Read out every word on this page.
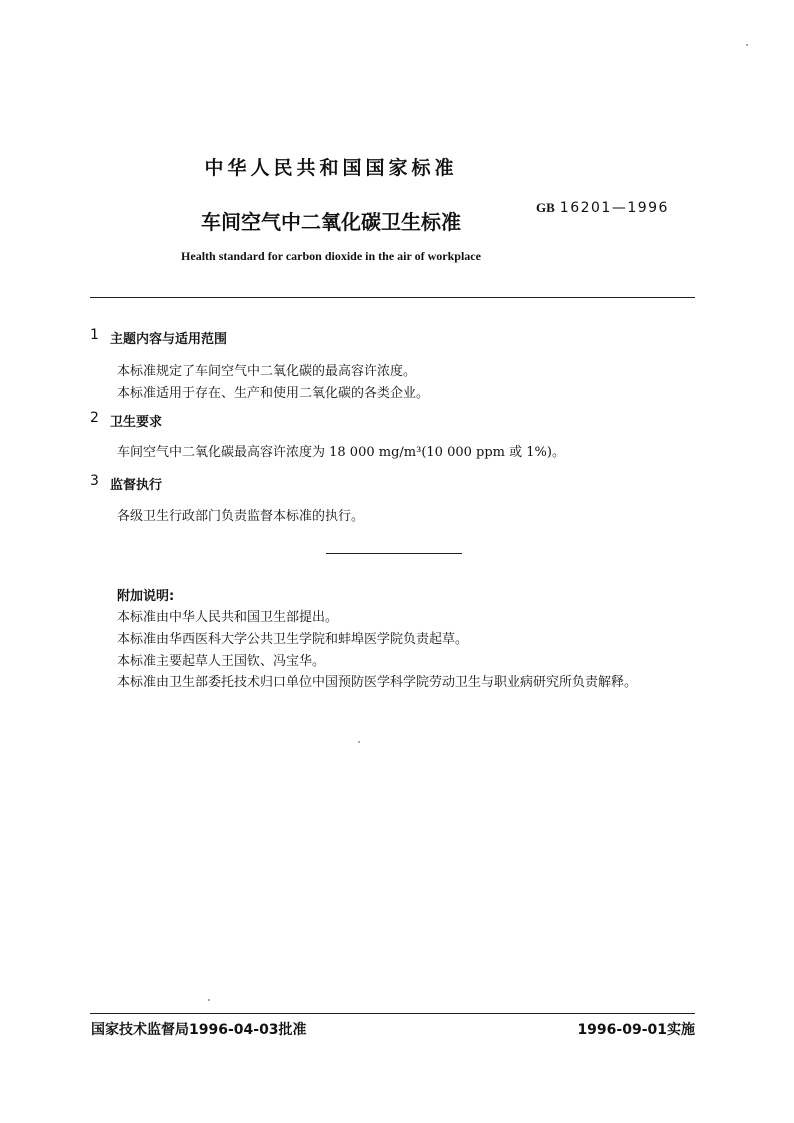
中华人民共和国国家标准
GB 16201—1996
车间空气中二氧化碳卫生标准
Health standard for carbon dioxide in the air of workplace
1 主题内容与适用范围
本标准规定了车间空气中二氧化碳的最高容许浓度。
本标准适用于存在、生产和使用二氧化碳的各类企业。
2 卫生要求
车间空气中二氧化碳最高容许浓度为 18 000 mg/m³(10 000 ppm 或 1%)。
3 监督执行
各级卫生行政部门负责监督本标准的执行。
附加说明:
本标准由中华人民共和国卫生部提出。
本标准由华西医科大学公共卫生学院和蚌埠医学院负责起草。
本标准主要起草人王国钦、冯宝华。
本标准由卫生部委托技术归口单位中国预防医学科学院劳动卫生与职业病研究所负责解释。
国家技术监督局1996-04-03批准	1996-09-01实施
